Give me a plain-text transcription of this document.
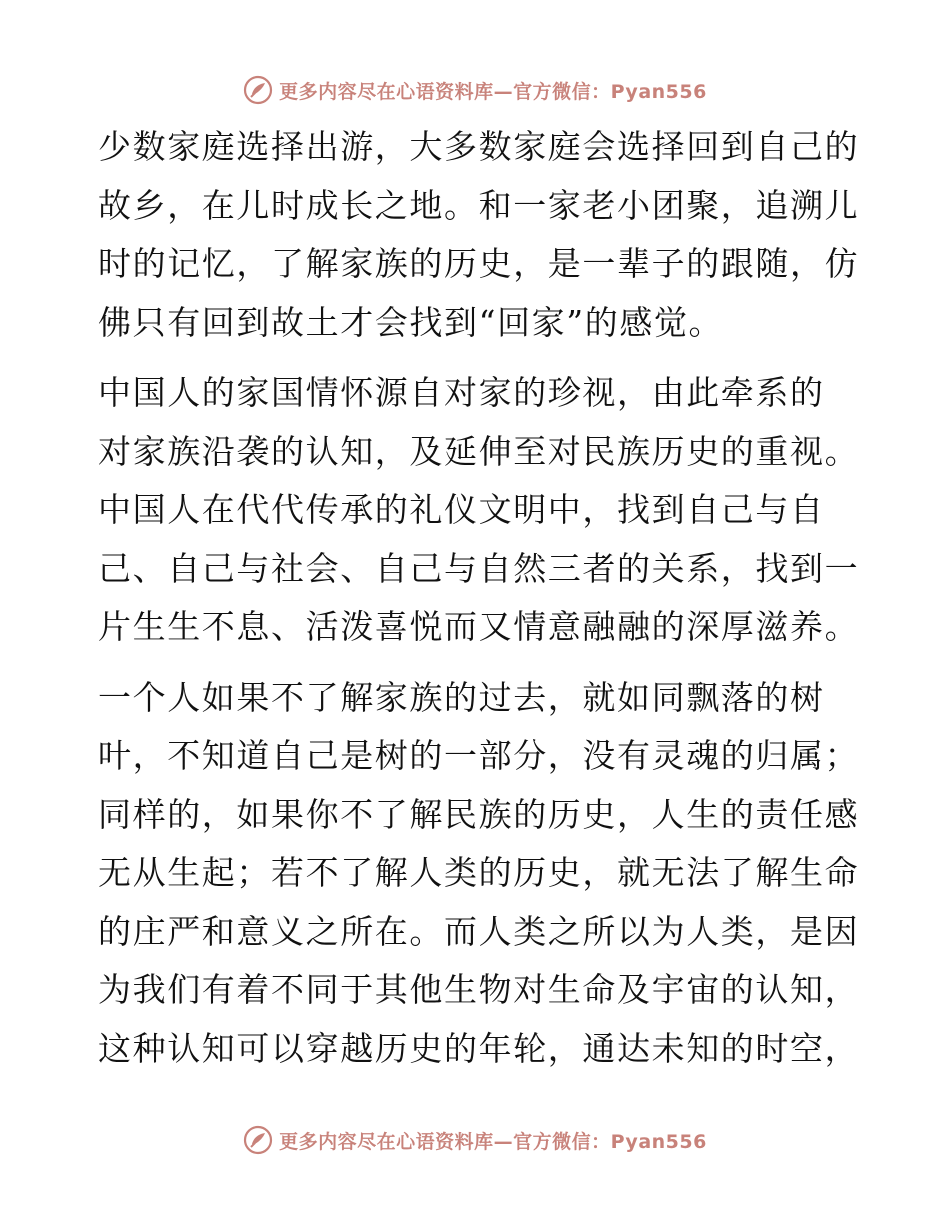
更多内容尽在心语资料库—官方微信：Pyan556

少数家庭选择出游，大多数家庭会选择回到自己的
故乡，在儿时成长之地。和一家老小团聚，追溯儿
时的记忆，了解家族的历史，是一辈子的跟随，仿
佛只有回到故土才会找到“回家”的感觉。

中国人的家国情怀源自对家的珍视，由此牵系的
对家族沿袭的认知，及延伸至对民族历史的重视。
中国人在代代传承的礼仪文明中，找到自己与自
己、自己与社会、自己与自然三者的关系，找到一
片生生不息、活泼喜悦而又情意融融的深厚滋养。

一个人如果不了解家族的过去，就如同飘落的树
叶，不知道自己是树的一部分，没有灵魂的归属；
同样的，如果你不了解民族的历史，人生的责任感
无从生起；若不了解人类的历史，就无法了解生命
的庄严和意义之所在。而人类之所以为人类，是因
为我们有着不同于其他生物对生命及宇宙的认知，
这种认知可以穿越历史的年轮，通达未知的时空，

更多内容尽在心语资料库—官方微信：Pyan556
